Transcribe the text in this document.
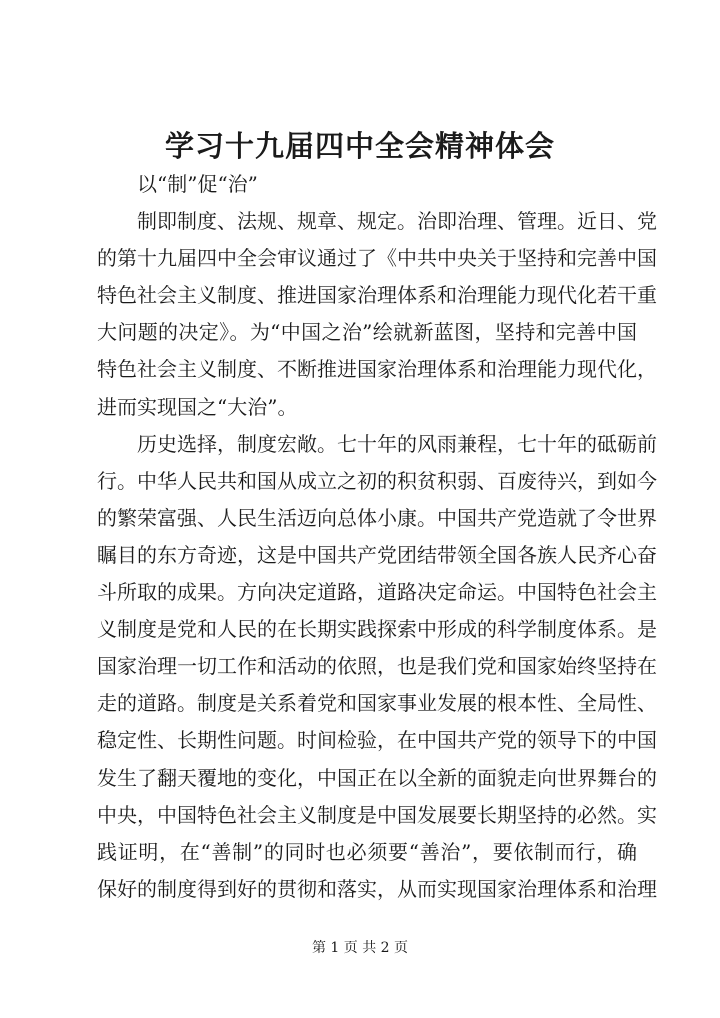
学习十九届四中全会精神体会
以“制”促“治”
制即制度、法规、规章、规定。治即治理、管理。近日、党
的第十九届四中全会审议通过了《中共中央关于坚持和完善中国
特色社会主义制度、推进国家治理体系和治理能力现代化若干重
大问题的决定》。为“中国之治”绘就新蓝图，坚持和完善中国
特色社会主义制度、不断推进国家治理体系和治理能力现代化，
进而实现国之“大治”。
历史选择，制度宏敞。七十年的风雨兼程，七十年的砥砺前
行。中华人民共和国从成立之初的积贫积弱、百废待兴，到如今
的繁荣富强、人民生活迈向总体小康。中国共产党造就了令世界
瞩目的东方奇迹，这是中国共产党团结带领全国各族人民齐心奋
斗所取的成果。方向决定道路，道路决定命运。中国特色社会主
义制度是党和人民的在长期实践探索中形成的科学制度体系。是
国家治理一切工作和活动的依照，也是我们党和国家始终坚持在
走的道路。制度是关系着党和国家事业发展的根本性、全局性、
稳定性、长期性问题。时间检验，在中国共产党的领导下的中国
发生了翻天覆地的变化，中国正在以全新的面貌走向世界舞台的
中央，中国特色社会主义制度是中国发展要长期坚持的必然。实
践证明，在“善制”的同时也必须要“善治”，要依制而行，确
保好的制度得到好的贯彻和落实，从而实现国家治理体系和治理
第 1 页 共 2 页
